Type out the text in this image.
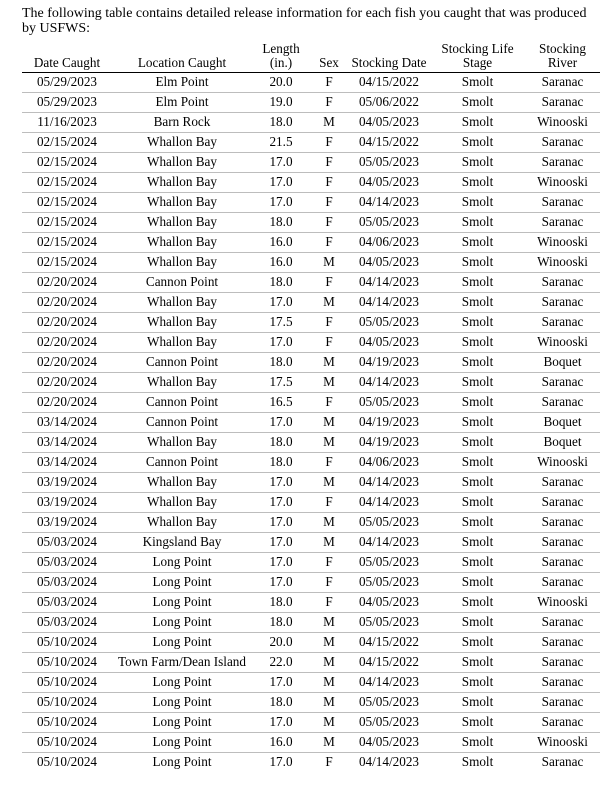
The following table contains detailed release information for each fish you caught that was produced by USFWS:

Date Caught	Location Caught	Length (in.)	Sex	Stocking Date	Stocking Life Stage	Stocking River
05/29/2023	Elm Point	20.0	F	04/15/2022	Smolt	Saranac
05/29/2023	Elm Point	19.0	F	05/06/2022	Smolt	Saranac
11/16/2023	Barn Rock	18.0	M	04/05/2023	Smolt	Winooski
02/15/2024	Whallon Bay	21.5	F	04/15/2022	Smolt	Saranac
02/15/2024	Whallon Bay	17.0	F	05/05/2023	Smolt	Saranac
02/15/2024	Whallon Bay	17.0	F	04/05/2023	Smolt	Winooski
02/15/2024	Whallon Bay	17.0	F	04/14/2023	Smolt	Saranac
02/15/2024	Whallon Bay	18.0	F	05/05/2023	Smolt	Saranac
02/15/2024	Whallon Bay	16.0	F	04/06/2023	Smolt	Winooski
02/15/2024	Whallon Bay	16.0	M	04/05/2023	Smolt	Winooski
02/20/2024	Cannon Point	18.0	F	04/14/2023	Smolt	Saranac
02/20/2024	Whallon Bay	17.0	M	04/14/2023	Smolt	Saranac
02/20/2024	Whallon Bay	17.5	F	05/05/2023	Smolt	Saranac
02/20/2024	Whallon Bay	17.0	F	04/05/2023	Smolt	Winooski
02/20/2024	Cannon Point	18.0	M	04/19/2023	Smolt	Boquet
02/20/2024	Whallon Bay	17.5	M	04/14/2023	Smolt	Saranac
02/20/2024	Cannon Point	16.5	F	05/05/2023	Smolt	Saranac
03/14/2024	Cannon Point	17.0	M	04/19/2023	Smolt	Boquet
03/14/2024	Whallon Bay	18.0	M	04/19/2023	Smolt	Boquet
03/14/2024	Cannon Point	18.0	F	04/06/2023	Smolt	Winooski
03/19/2024	Whallon Bay	17.0	M	04/14/2023	Smolt	Saranac
03/19/2024	Whallon Bay	17.0	F	04/14/2023	Smolt	Saranac
03/19/2024	Whallon Bay	17.0	M	05/05/2023	Smolt	Saranac
05/03/2024	Kingsland Bay	17.0	M	04/14/2023	Smolt	Saranac
05/03/2024	Long Point	17.0	F	05/05/2023	Smolt	Saranac
05/03/2024	Long Point	17.0	F	05/05/2023	Smolt	Saranac
05/03/2024	Long Point	18.0	F	04/05/2023	Smolt	Winooski
05/03/2024	Long Point	18.0	M	05/05/2023	Smolt	Saranac
05/10/2024	Long Point	20.0	M	04/15/2022	Smolt	Saranac
05/10/2024	Town Farm/Dean Island	22.0	M	04/15/2022	Smolt	Saranac
05/10/2024	Long Point	17.0	M	04/14/2023	Smolt	Saranac
05/10/2024	Long Point	18.0	M	05/05/2023	Smolt	Saranac
05/10/2024	Long Point	17.0	M	05/05/2023	Smolt	Saranac
05/10/2024	Long Point	16.0	M	04/05/2023	Smolt	Winooski
05/10/2024	Long Point	17.0	F	04/14/2023	Smolt	Saranac
